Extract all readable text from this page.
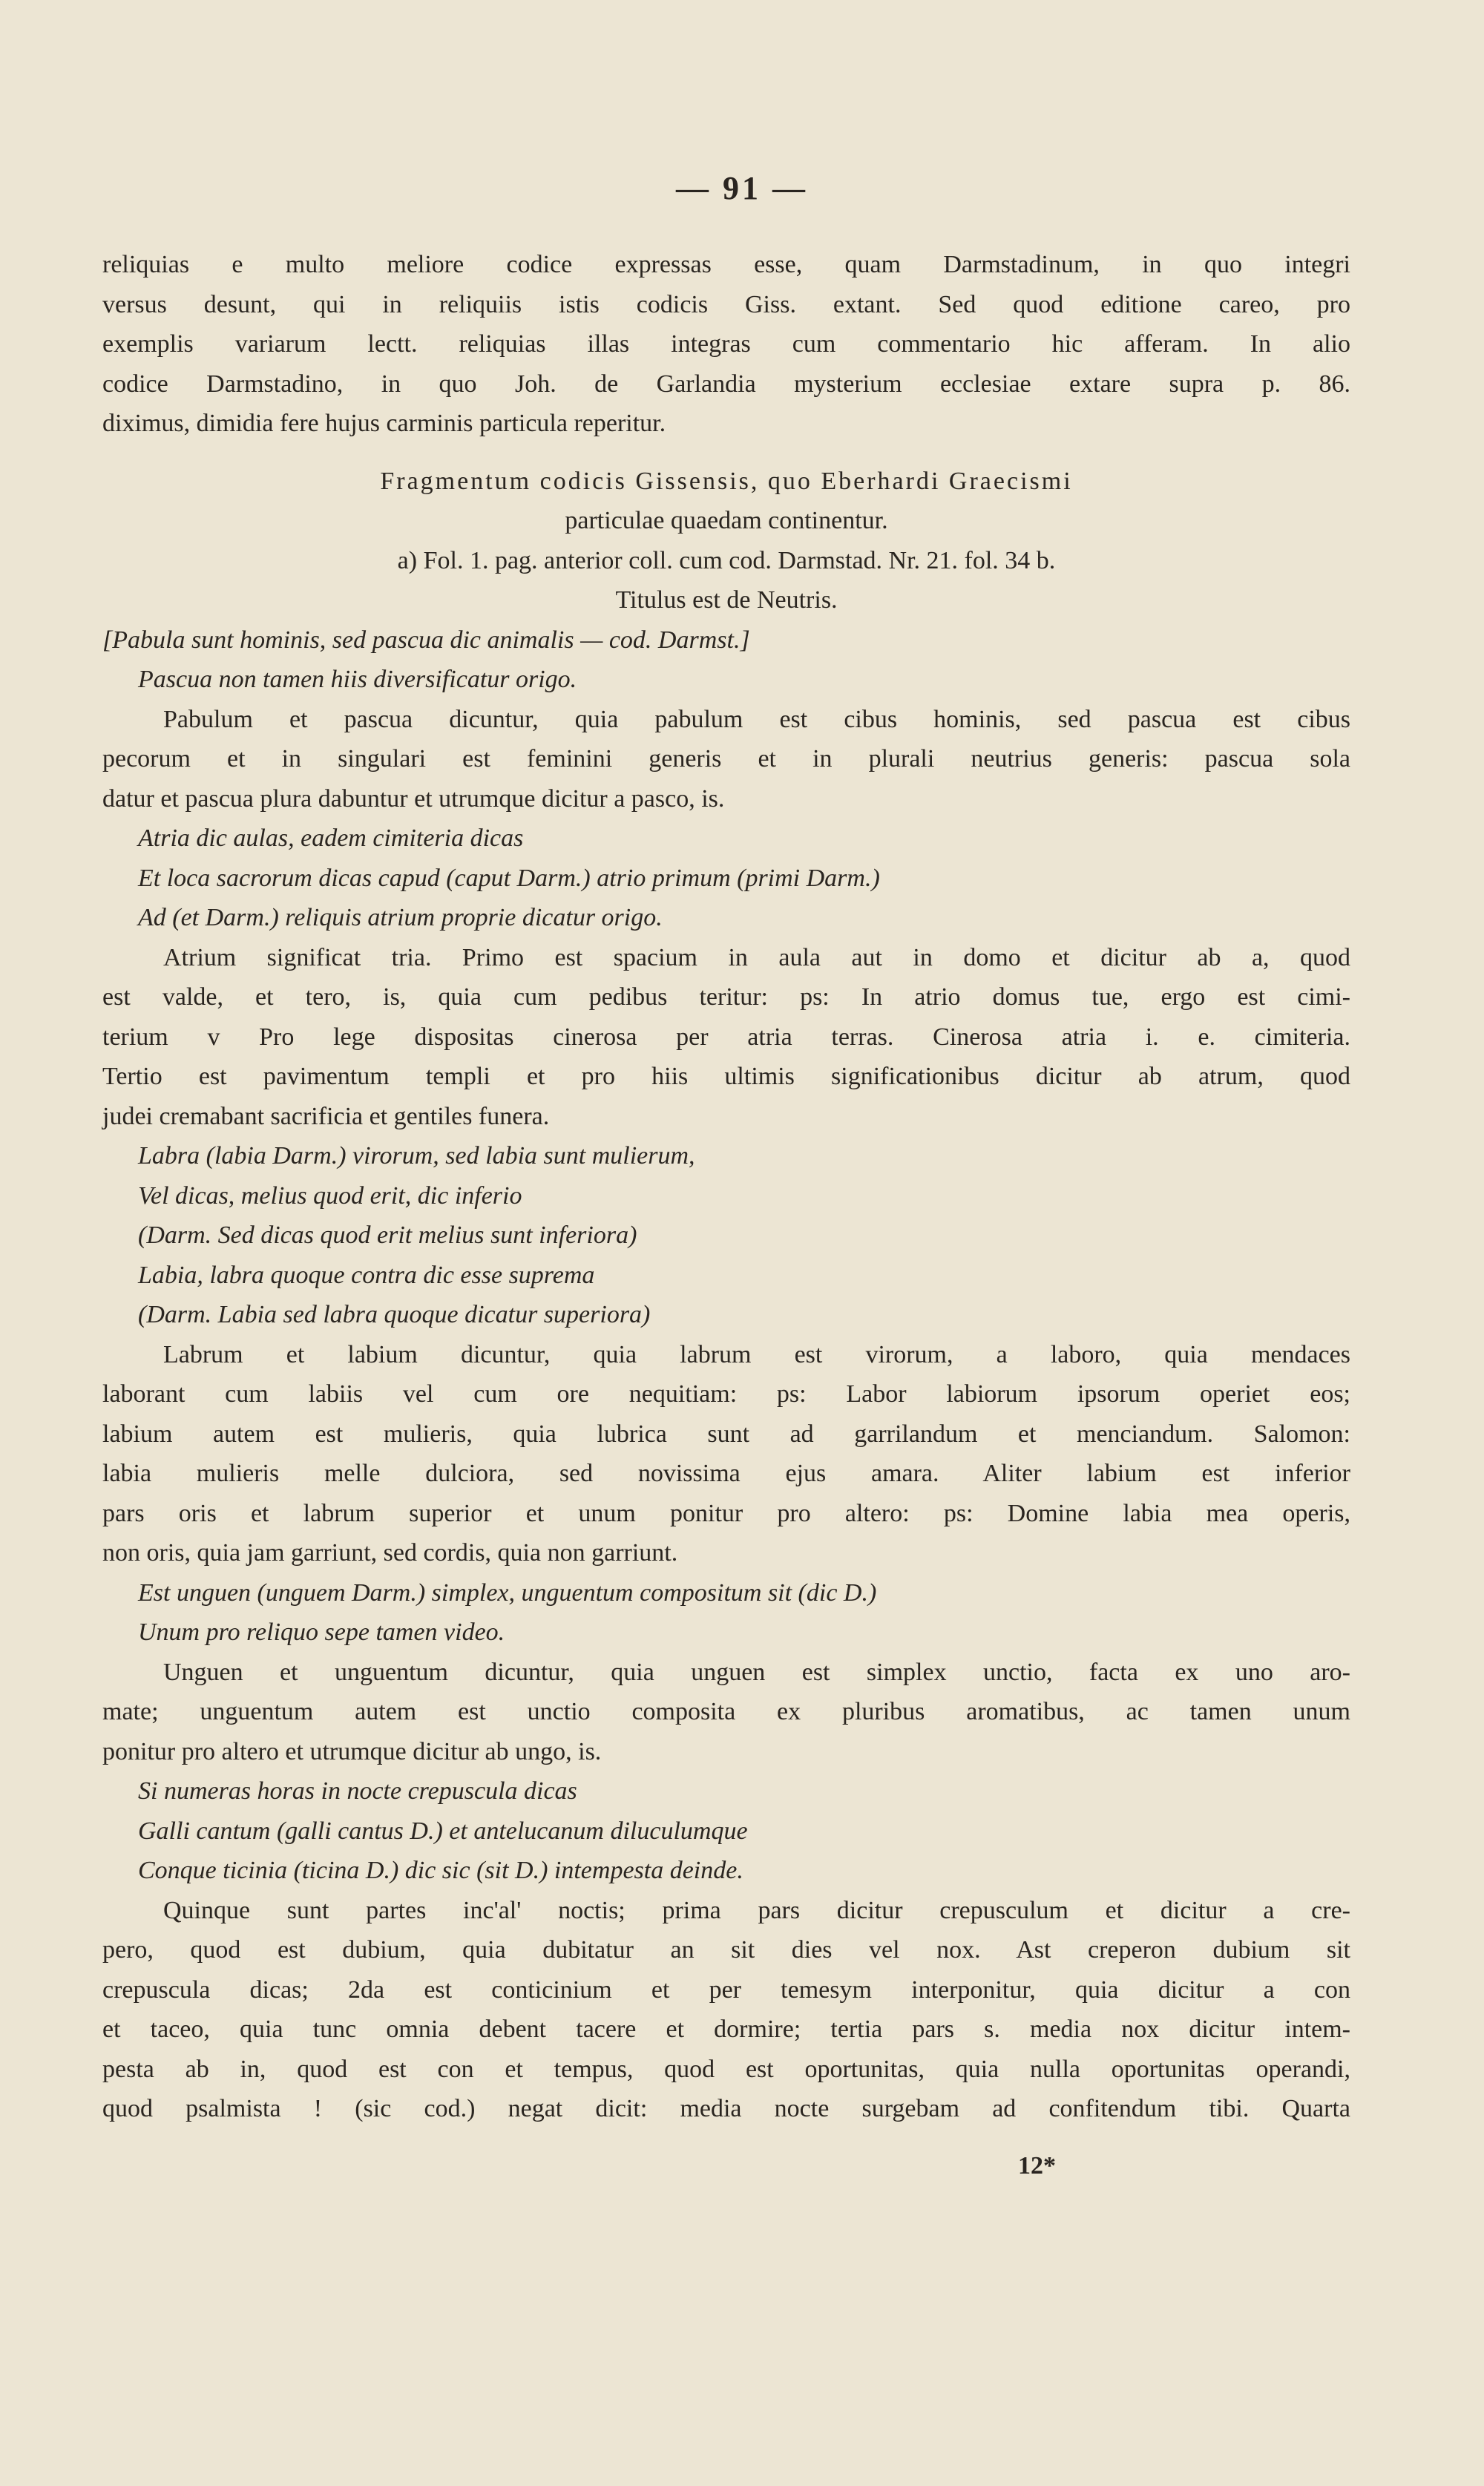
— 91 —
reliquias e multo meliore codice expressas esse, quam Darmstadinum, in quo integri
versus desunt, qui in reliquiis istis codicis Giss. extant. Sed quod editione careo, pro
exemplis variarum lectt. reliquias illas integras cum commentario hic afferam. In alio
codice Darmstadino, in quo Joh. de Garlandia mysterium ecclesiae extare supra p. 86.
diximus, dimidia fere hujus carminis particula reperitur.
Fragmentum codicis Gissensis, quo Eberhardi Graecismi
particulae quaedam continentur.
a) Fol. 1. pag. anterior coll. cum cod. Darmstad. Nr. 21. fol. 34 b.
Titulus est de Neutris.
[Pabula sunt hominis, sed pascua dic animalis — cod. Darmst.]
Pascua non tamen hiis diversificatur origo.
Pabulum et pascua dicuntur, quia pabulum est cibus hominis, sed pascua est cibus
pecorum et in singulari est feminini generis et in plurali neutrius generis: pascua sola
datur et pascua plura dabuntur et utrumque dicitur a pasco, is.
Atria dic aulas, eadem cimiteria dicas
Et loca sacrorum dicas capud (caput Darm.) atrio primum (primi Darm.)
Ad (et Darm.) reliquis atrium proprie dicatur origo.
Atrium significat tria. Primo est spacium in aula aut in domo et dicitur ab a, quod
est valde, et tero, is, quia cum pedibus teritur: ps: In atrio domus tue, ergo est cimi-
terium v Pro lege dispositas cinerosa per atria terras. Cinerosa atria i. e. cimiteria.
Tertio est pavimentum templi et pro hiis ultimis significationibus dicitur ab atrum, quod
judei cremabant sacrificia et gentiles funera.
Labra (labia Darm.) virorum, sed labia sunt mulierum,
Vel dicas, melius quod erit, dic inferio
(Darm. Sed dicas quod erit melius sunt inferiora)
Labia, labra quoque contra dic esse suprema
(Darm. Labia sed labra quoque dicatur superiora)
Labrum et labium dicuntur, quia labrum est virorum, a laboro, quia mendaces
laborant cum labiis vel cum ore nequitiam: ps: Labor labiorum ipsorum operiet eos;
labium autem est mulieris, quia lubrica sunt ad garrilandum et menciandum. Salomon:
labia mulieris melle dulciora, sed novissima ejus amara. Aliter labium est inferior
pars oris et labrum superior et unum ponitur pro altero: ps: Domine labia mea operis,
non oris, quia jam garriunt, sed cordis, quia non garriunt.
Est unguen (unguem Darm.) simplex, unguentum compositum sit (dic D.)
Unum pro reliquo sepe tamen video.
Unguen et unguentum dicuntur, quia unguen est simplex unctio, facta ex uno aro-
mate; unguentum autem est unctio composita ex pluribus aromatibus, ac tamen unum
ponitur pro altero et utrumque dicitur ab ungo, is.
Si numeras horas in nocte crepuscula dicas
Galli cantum (galli cantus D.) et antelucanum diluculumque
Conque ticinia (ticina D.) dic sic (sit D.) intempesta deinde.
Quinque sunt partes inc'al' noctis; prima pars dicitur crepusculum et dicitur a cre-
pero, quod est dubium, quia dubitatur an sit dies vel nox. Ast creperon dubium sit
crepuscula dicas; 2da est conticinium et per temesym interponitur, quia dicitur a con
et taceo, quia tunc omnia debent tacere et dormire; tertia pars s. media nox dicitur intem-
pesta ab in, quod est con et tempus, quod est oportunitas, quia nulla oportunitas operandi,
quod psalmista ! (sic cod.) negat dicit: media nocte surgebam ad confitendum tibi. Quarta
12*
